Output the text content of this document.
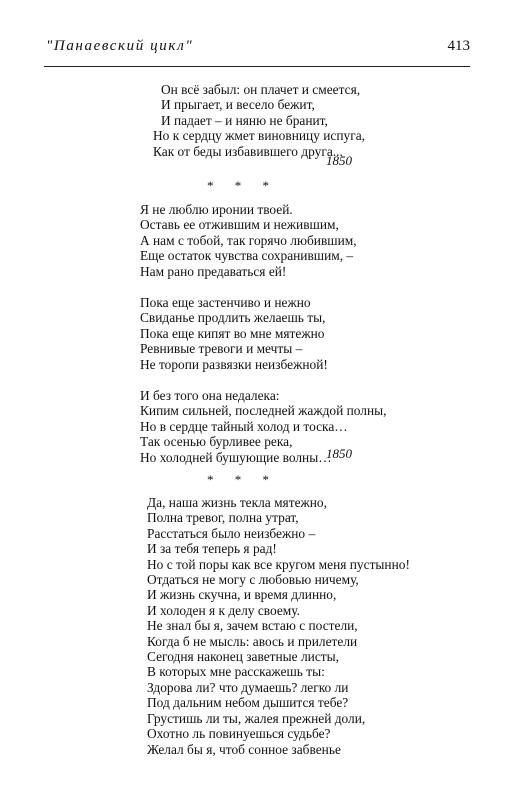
"Панаевский цикл"	413
Он всё забыл: он плачет и смеется,
И прыгает, и весело бежит,
И падает – и няню не бранит,
Но к сердцу жмет виновницу испуга,
Как от беды избавившего друга...
1850
* * *
Я не люблю иронии твоей.
Оставь ее отжившим и нежившим,
А нам с тобой, так горячо любившим,
Еще остаток чувства сохранившим, –
Нам рано предаваться ей!
Пока еще застенчиво и нежно
Свиданье продлить желаешь ты,
Пока еще кипят во мне мятежно
Ревнивые тревоги и мечты –
Не торопи развязки неизбежной!
И без того она недалека:
Кипим сильней, последней жаждой полны,
Но в сердце тайный холод и тоска…
Так осенью бурливее река,
Но холодней бушующие волны…
1850
* * *
Да, наша жизнь текла мятежно,
Полна тревог, полна утрат,
Расстаться было неизбежно –
И за тебя теперь я рад!
Но с той поры как все кругом меня пустынно!
Отдаться не могу с любовью ничему,
И жизнь скучна, и время длинно,
И холоден я к делу своему.
Не знал бы я, зачем встаю с постели,
Когда б не мысль: авось и прилетели
Сегодня наконец заветные листы,
В которых мне расскажешь ты:
Здорова ли? что думаешь? легко ли
Под дальним небом дышится тебе?
Грустишь ли ты, жалея прежней доли,
Охотно ль повинуешься судьбе?
Желал бы я, чтоб сонное забвенье
